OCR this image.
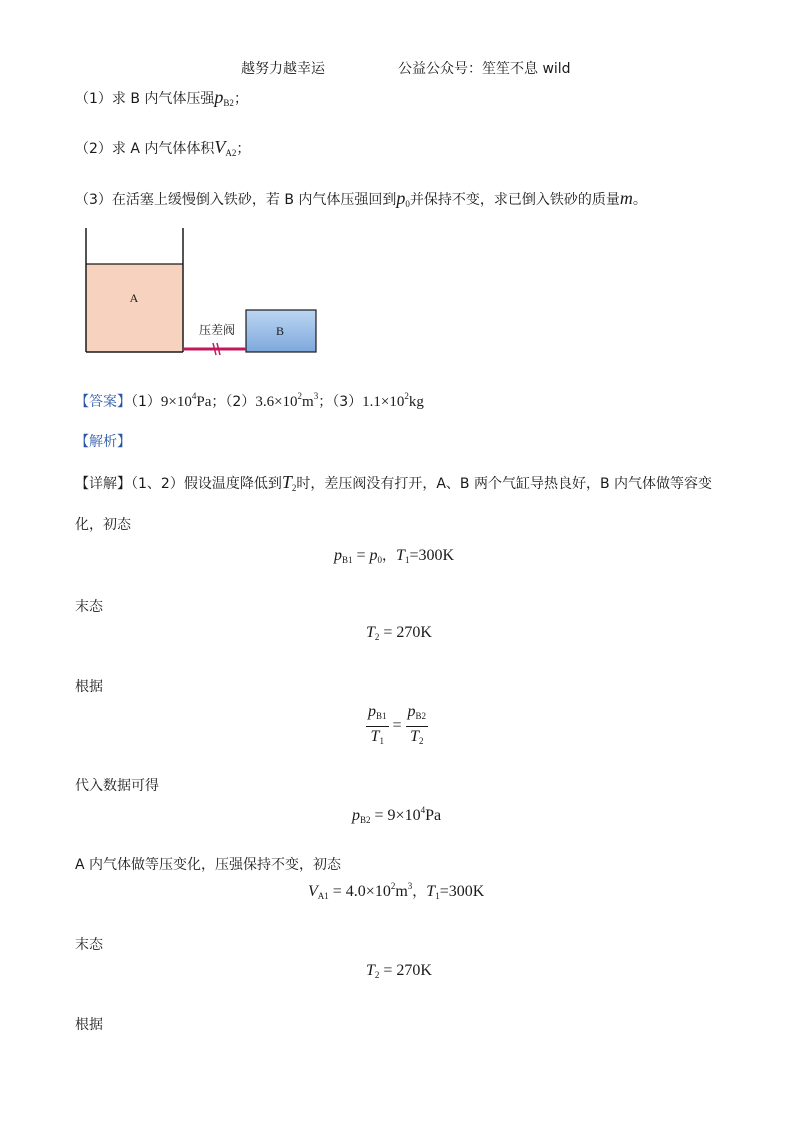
越努力越幸运	公益公众号：笙笙不息 wild
（1）求 B 内气体压强$p_{B2}$；
（2）求 A 内气体体积$V_{A2}$；
（3）在活塞上缓慢倒入铁砂，若 B 内气体压强回到$p_0$并保持不变，求已倒入铁砂的质量m。
A
B
压差阀
【答案】$(1)9\times 10^4Pa$；$(2)3.6\times 10^2m^3$；$(3)1.1\times 10^2kg$
【解析】
【详解】（1、2）假设温度降低到$T_2$时，差压阀没有打开，A、B 两个气缸导热良好，B 内气体做等容变
化，初态
$p_{B1} = p_0$，$T_1=300K$
末态
$T_2 = 270K$
根据
$\frac{p_{B1}}{T_1} = \frac{p_{B2}}{T_2}$
代入数据可得
$p_{B2} = 9\times 10^4Pa$
A 内气体做等压变化，压强保持不变，初态
$V_{A1} = 4.0\times 10^2m^3$，$T_1=300K$
末态
$T_2 = 270K$
根据
